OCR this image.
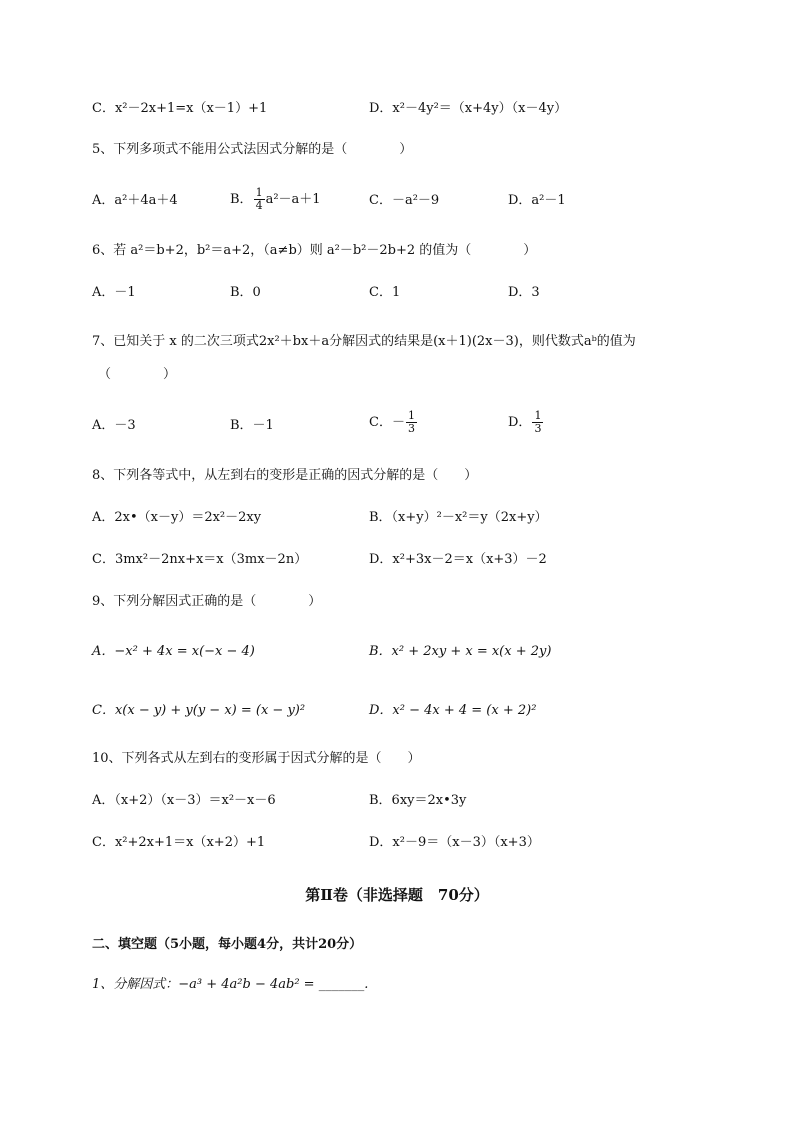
C．x²－2x+1=x（x－1）+1	D．x²－4y²＝（x+4y）（x－4y）
5、下列多项式不能用公式法因式分解的是（　　　　）
A．a²＋4a＋4	B． $\frac{1}{4} a^2-a+1$	C．－a²－9	D．a²－1
6、若 a²＝b+2，b²＝a+2，（a≠b）则 a²－b²－2b+2 的值为（　　　　）
A．－1	B．0	C．1	D．3
7、已知关于 x 的二次三项式2x²＋bx＋a分解因式的结果是(x＋1)(2x－3)，则代数式aᵇ的值为
（　　　　）
A．－3	B．－1	C．－ $\frac{1}{3}$	D． $\frac{1}{3}$
8、下列各等式中，从左到右的变形是正确的因式分解的是（　　）
A．2x•（x－y）＝2x²－2xy	B．（x+y）²－x²＝y（2x+y）
C．3mx²－2nx+x＝x（3mx－2n）	D．x²+3x－2＝x（x+3）－2
9、下列分解因式正确的是（　　　　）
A．−x² + 4x = x(−x − 4)	B．x² + 2xy + x = x(x + 2y)
C．x(x − y) + y(y − x) = (x − y)²	D．x² − 4x + 4 = (x + 2)²
10、下列各式从左到右的变形属于因式分解的是（　　）
A．（x+2）（x－3）＝x²－x－6	B．6xy＝2x•3y
C．x²+2x+1＝x（x+2）+1	D．x²－9＝（x－3）（x+3）
第Ⅱ卷（非选择题　70分）
二、填空题（5小题，每小题4分，共计20分）
1、分解因式：−a³ + 4a²b − 4ab² = _______.
